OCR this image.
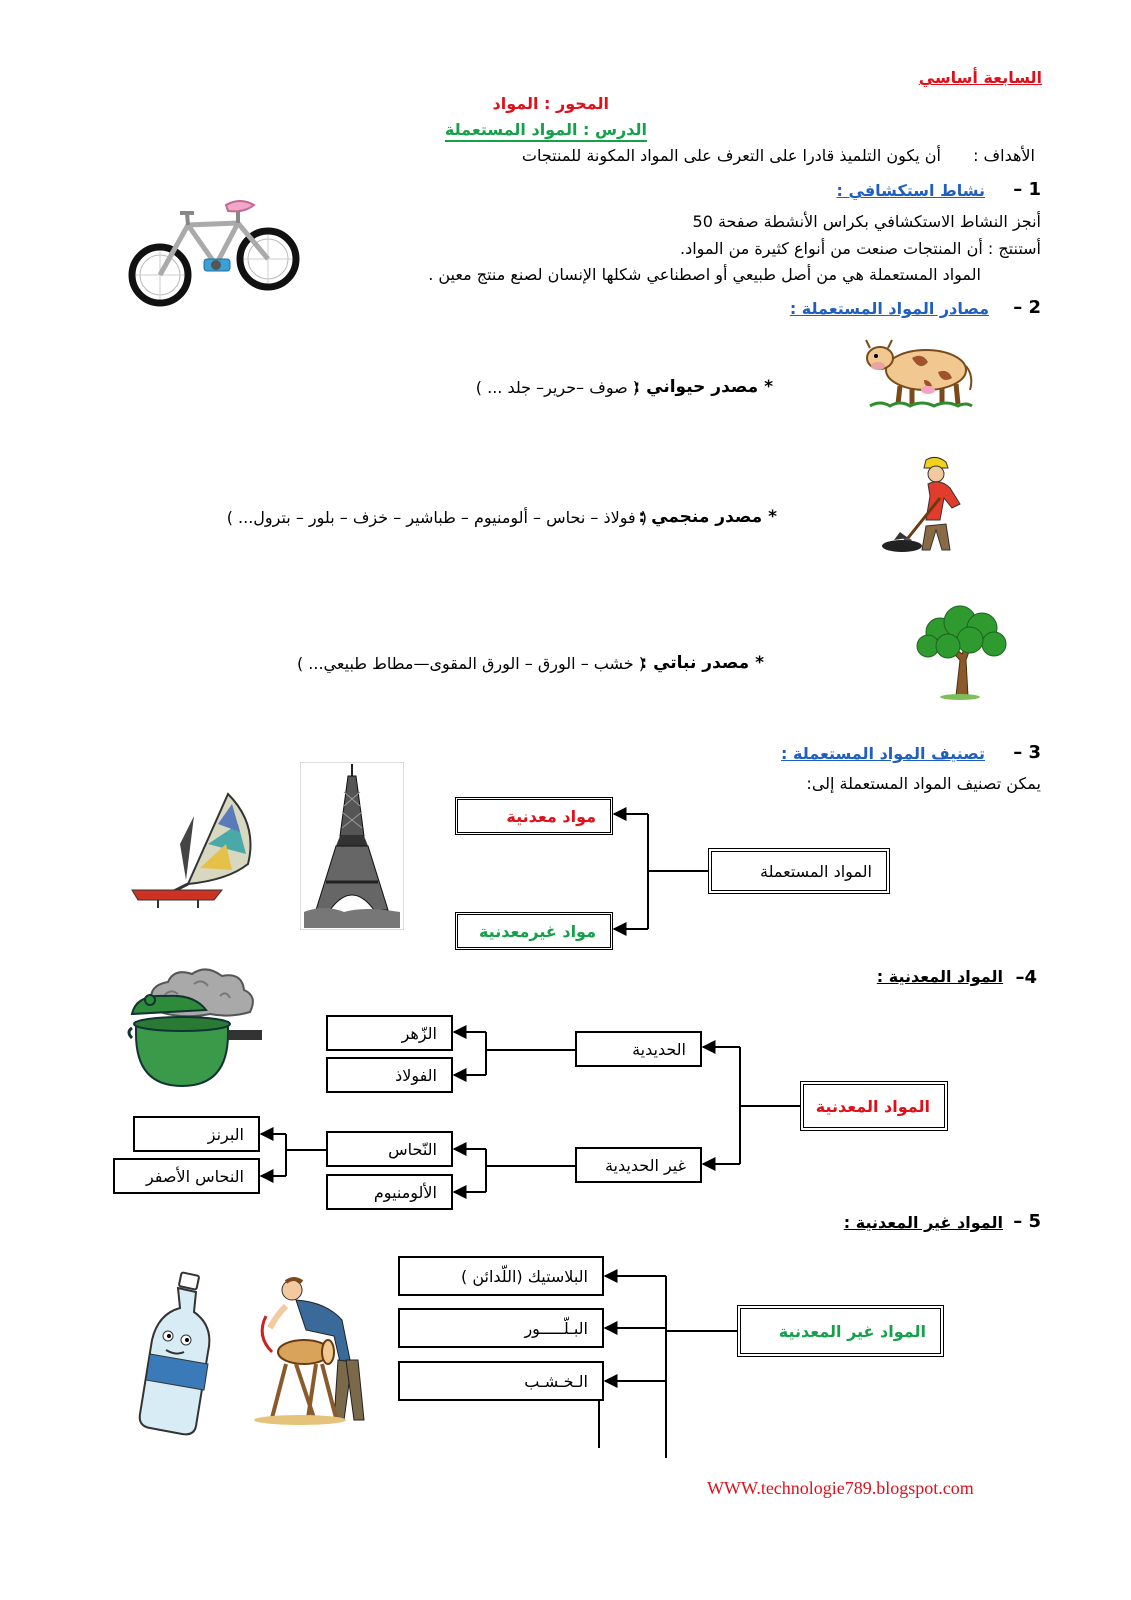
السابعة أساسي
المحور : المواد
الدرس : المواد المستعملة
الأهداف :
أن يكون التلميذ قادرا على التعرف على المواد المكونة للمنتجات
1 –
نشاط استكشافي :
أنجز النشاط الاستكشافي بكراس الأنشطة صفحة 50
أستنتج : أن المنتجات صنعت من أنواع كثيرة من المواد.
المواد المستعملة هي من أصل طبيعي أو اصطناعي شكلها الإنسان لصنع منتج معين .
2 –
مصادر المواد المستعملة :
* مصدر حيواني :
( صوف –حرير– جلد ... )
* مصدر منجمي :
( فولاذ – نحاس – ألومنيوم – طباشير – خزف – بلور – بترول... )
* مصدر نباتي :
( خشب – الورق – الورق المقوى—مطاط طبيعي... )
3 –
تصنيف المواد المستعملة :
يمكن تصنيف المواد المستعملة إلى:
مواد معدنية
المواد المستعملة
مواد غيرمعدنية
4–
المواد المعدنية :
الزّهر
الفولاذ
الحديدية
المواد المعدنية
البرنز
النّحاس
غير الحديدية
النحاس الأصفر
الألومنيوم
5 –
المواد غير المعدنية :
البلاستيك (اللّدائن )
البـلّـــــور
الـخـشـب
المواد غير المعدنية
WWW.technologie789.blogspot.com
